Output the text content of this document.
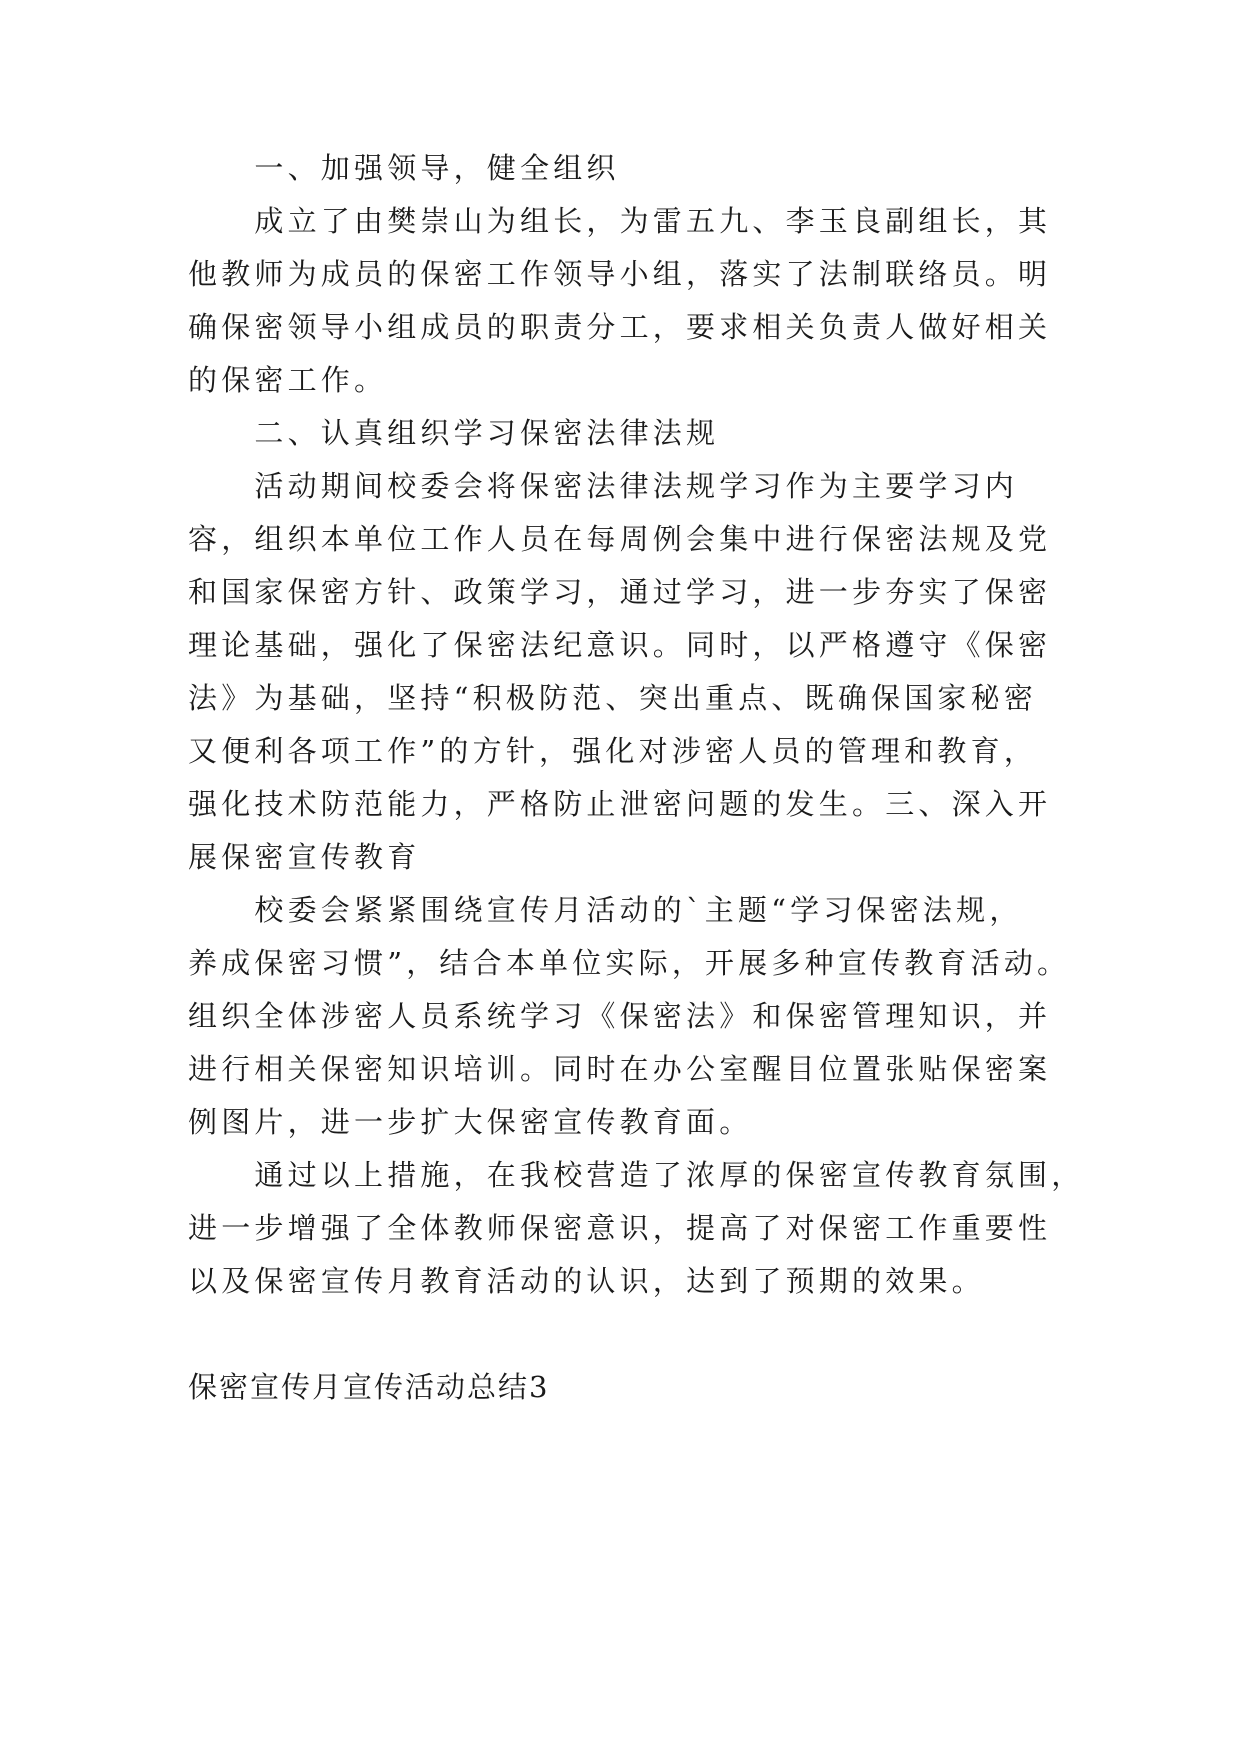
　　一、加强领导，健全组织
　　成立了由樊崇山为组长，为雷五九、李玉良副组长，其
他教师为成员的保密工作领导小组，落实了法制联络员。明
确保密领导小组成员的职责分工，要求相关负责人做好相关
的保密工作。
　　二、认真组织学习保密法律法规
　　活动期间校委会将保密法律法规学习作为主要学习内
容，组织本单位工作人员在每周例会集中进行保密法规及党
和国家保密方针、政策学习，通过学习，进一步夯实了保密
理论基础，强化了保密法纪意识。同时，以严格遵守《保密
法》为基础，坚持“积极防范、突出重点、既确保国家秘密
又便利各项工作”的方针，强化对涉密人员的管理和教育，
强化技术防范能力，严格防止泄密问题的发生。三、深入开
展保密宣传教育
　　校委会紧紧围绕宣传月活动的`主题“学习保密法规，
养成保密习惯”，结合本单位实际，开展多种宣传教育活动。
组织全体涉密人员系统学习《保密法》和保密管理知识，并
进行相关保密知识培训。同时在办公室醒目位置张贴保密案
例图片，进一步扩大保密宣传教育面。
　　通过以上措施，在我校营造了浓厚的保密宣传教育氛围，
进一步增强了全体教师保密意识，提高了对保密工作重要性
以及保密宣传月教育活动的认识，达到了预期的效果。
保密宣传月宣传活动总结3
